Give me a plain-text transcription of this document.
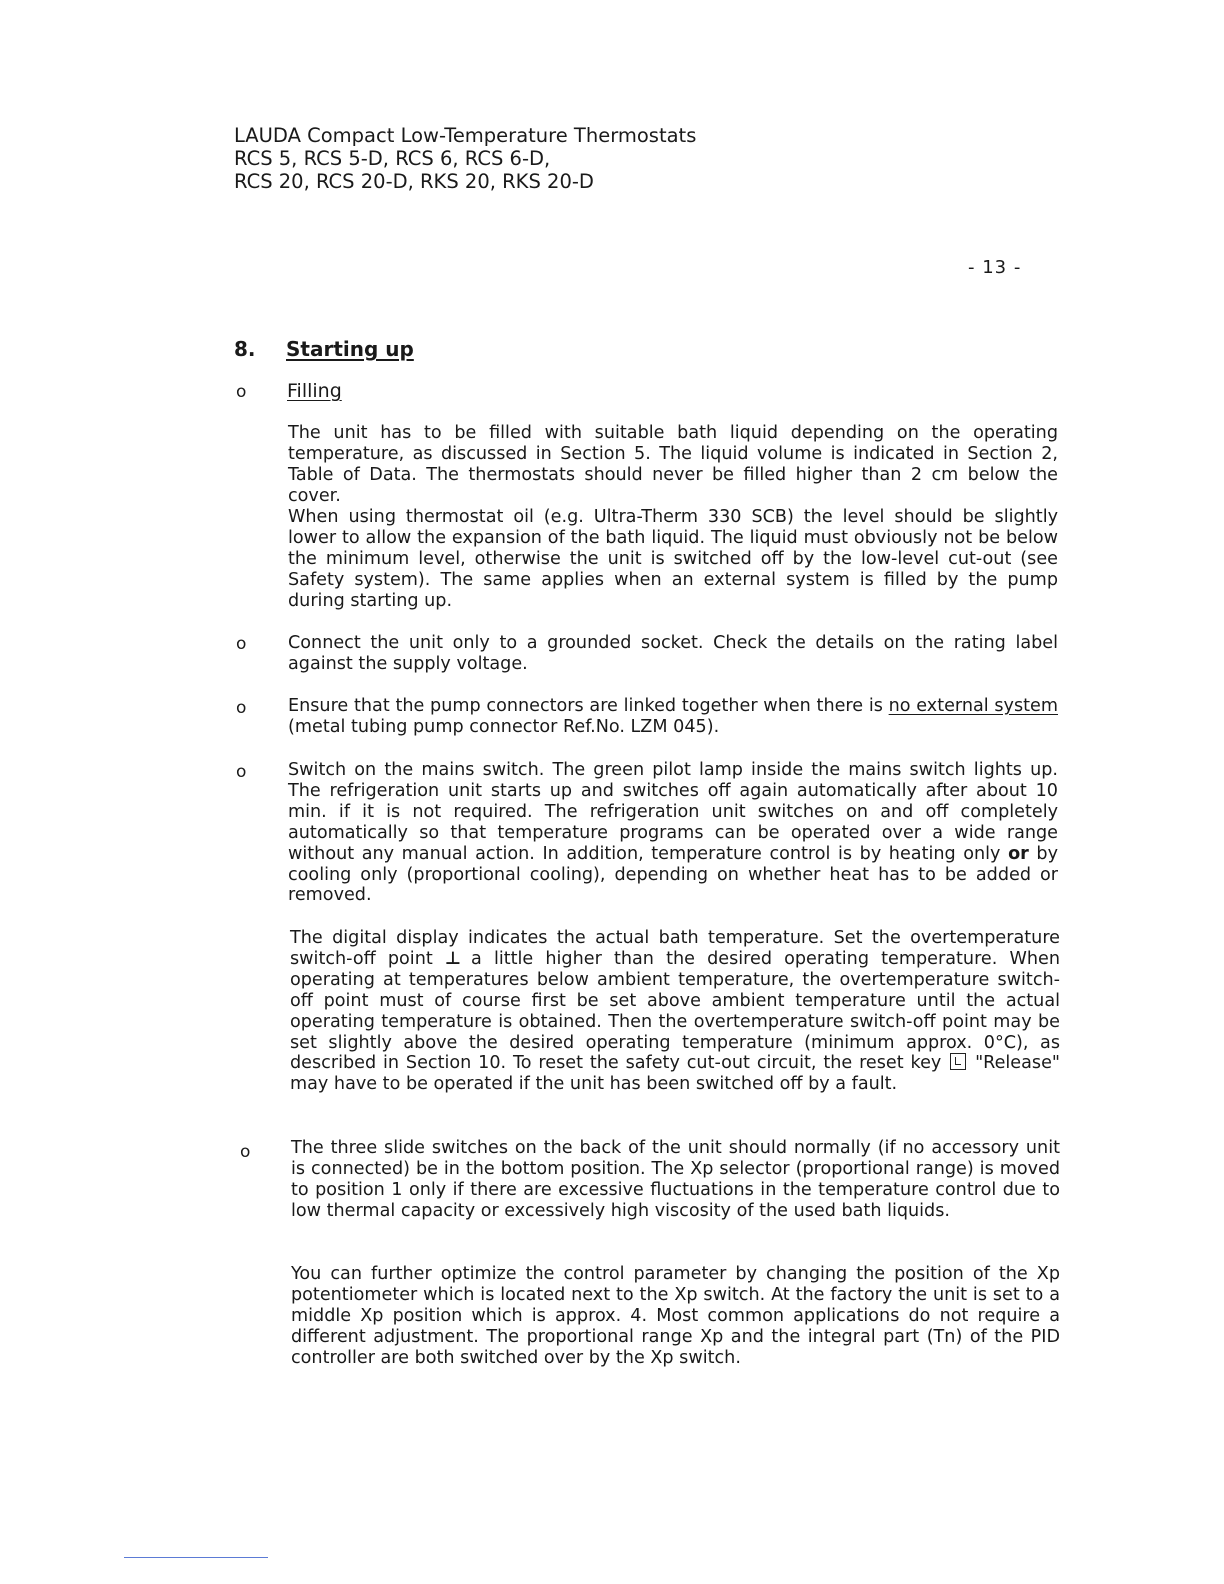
LAUDA Compact Low-Temperature Thermostats
RCS 5, RCS 5-D, RCS 6, RCS 6-D,
RCS 20, RCS 20-D, RKS 20, RKS 20-D
- 13 -
8. Starting up
o Filling
The unit has to be filled with suitable bath liquid depending on the operating temperature, as discussed in Section 5. The liquid volume is indicated in Section 2, Table of Data. The thermostats should never be filled higher than 2 cm below the cover.
When using thermostat oil (e.g. Ultra-Therm 330 SCB) the level should be slightly lower to allow the expansion of the bath liquid. The liquid must obviously not be below the minimum level, otherwise the unit is switched off by the low-level cut-out (see Safety system). The same applies when an external system is filled by the pump during starting up.
o Connect the unit only to a grounded socket. Check the details on the rating label against the supply voltage.
o Ensure that the pump connectors are linked together when there is no external system (metal tubing pump connector Ref.No. LZM 045).
o Switch on the mains switch. The green pilot lamp inside the mains switch lights up. The refrigeration unit starts up and switches off again automatically after about 10 min. if it is not required. The refrigeration unit switches on and off completely automatically so that temperature programs can be operated over a wide range without any manual action. In addition, temperature control is by heating only or by cooling only (proportional cooling), depending on whether heat has to be added or removed.
The digital display indicates the actual bath temperature. Set the overtemperature switch-off point ⊥ a little higher than the desired operating temperature. When operating at temperatures below ambient temperature, the overtemperature switch-off point must of course first be set above ambient temperature until the actual operating temperature is obtained. Then the overtemperature switch-off point may be set slightly above the desired operating temperature (minimum approx. 0°C), as described in Section 10. To reset the safety cut-out circuit, the reset key  "Release" may have to be operated if the unit has been switched off by a fault.
o The three slide switches on the back of the unit should normally (if no accessory unit is connected) be in the bottom position. The Xp selector (proportional range) is moved to position 1 only if there are excessive fluctuations in the temperature control due to low thermal capacity or excessively high viscosity of the used bath liquids.
You can further optimize the control parameter by changing the position of the Xp potentiometer which is located next to the Xp switch. At the factory the unit is set to a middle Xp position which is approx. 4. Most common applications do not require a different adjustment. The proportional range Xp and the integral part (Tn) of the PID controller are both switched over by the Xp switch.
